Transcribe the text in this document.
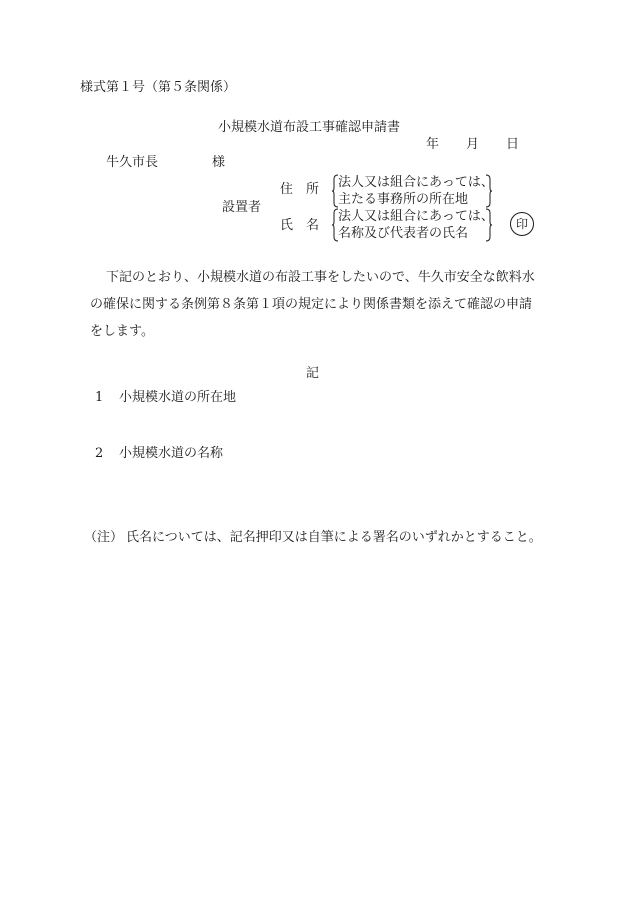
様式第１号（第５条関係）
小規模水道布設工事確認申請書
年 月 日
牛久市長	様
設置者
住　所 法人又は組合にあっては、
主たる事務所の所在地
氏　名
法人又は組合にあっては、
名称及び代表者の氏名
印
下記のとおり、小規模水道の布設工事をしたいので、牛久市安全な飲料水
の確保に関する条例第８条第１項の規定により関係書類を添えて確認の申請
をします。
記
1 小規模水道の所在地
2 小規模水道の名称
（注） 氏名については、記名押印又は自筆による署名のいずれかとすること。
